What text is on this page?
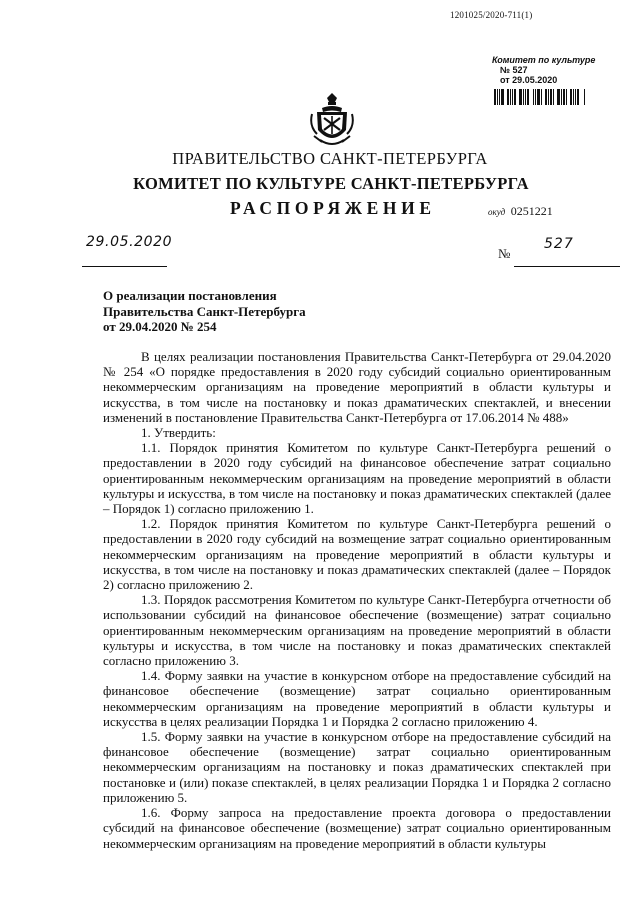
1201025/2020-711(1)
Комитет по культуре
№ 527
от 29.05.2020
ПРАВИТЕЛЬСТВО САНКТ-ПЕТЕРБУРГА
КОМИТЕТ ПО КУЛЬТУРЕ САНКТ-ПЕТЕРБУРГА
РАСПОРЯЖЕНИЕ	окуд 0251221
29.05.2020
№
527
О реализации постановления
Правительства Санкт-Петербурга
от 29.04.2020 № 254

В целях реализации постановления Правительства Санкт-Петербурга от 29.04.2020 № 254 «О порядке предоставления в 2020 году субсидий социально ориентированным некоммерческим организациям на проведение мероприятий в области культуры и искусства, в том числе на постановку и показ драматических спектаклей, и внесении изменений в постановление Правительства Санкт-Петербурга от 17.06.2014 № 488»

1. Утвердить:

1.1. Порядок принятия Комитетом по культуре Санкт-Петербурга решений о предоставлении в 2020 году субсидий на финансовое обеспечение затрат социально ориентированным некоммерческим организациям на проведение мероприятий в области культуры и искусства, в том числе на постановку и показ драматических спектаклей (далее – Порядок 1) согласно приложению 1.

1.2. Порядок принятия Комитетом по культуре Санкт-Петербурга решений о предоставлении в 2020 году субсидий на возмещение затрат социально ориентированным некоммерческим организациям на проведение мероприятий в области культуры и искусства, в том числе на постановку и показ драматических спектаклей (далее – Порядок 2) согласно приложению 2.

1.3. Порядок рассмотрения Комитетом по культуре Санкт-Петербурга отчетности об использовании субсидий на финансовое обеспечение (возмещение) затрат социально ориентированным некоммерческим организациям на проведение мероприятий в области культуры и искусства, в том числе на постановку и показ драматических спектаклей согласно приложению 3.

1.4. Форму заявки на участие в конкурсном отборе на предоставление субсидий на финансовое обеспечение (возмещение) затрат социально ориентированным некоммерческим организациям на проведение мероприятий в области культуры и искусства в целях реализации Порядка 1 и Порядка 2 согласно приложению 4.

1.5. Форму заявки на участие в конкурсном отборе на предоставление субсидий на финансовое обеспечение (возмещение) затрат социально ориентированным некоммерческим организациям на постановку и показ драматических спектаклей при постановке и (или) показе спектаклей, в целях реализации Порядка 1 и Порядка 2 согласно приложению 5.

1.6. Форму запроса на предоставление проекта договора о предоставлении субсидий на финансовое обеспечение (возмещение) затрат социально ориентированным некоммерческим организациям на проведение мероприятий в области культуры
